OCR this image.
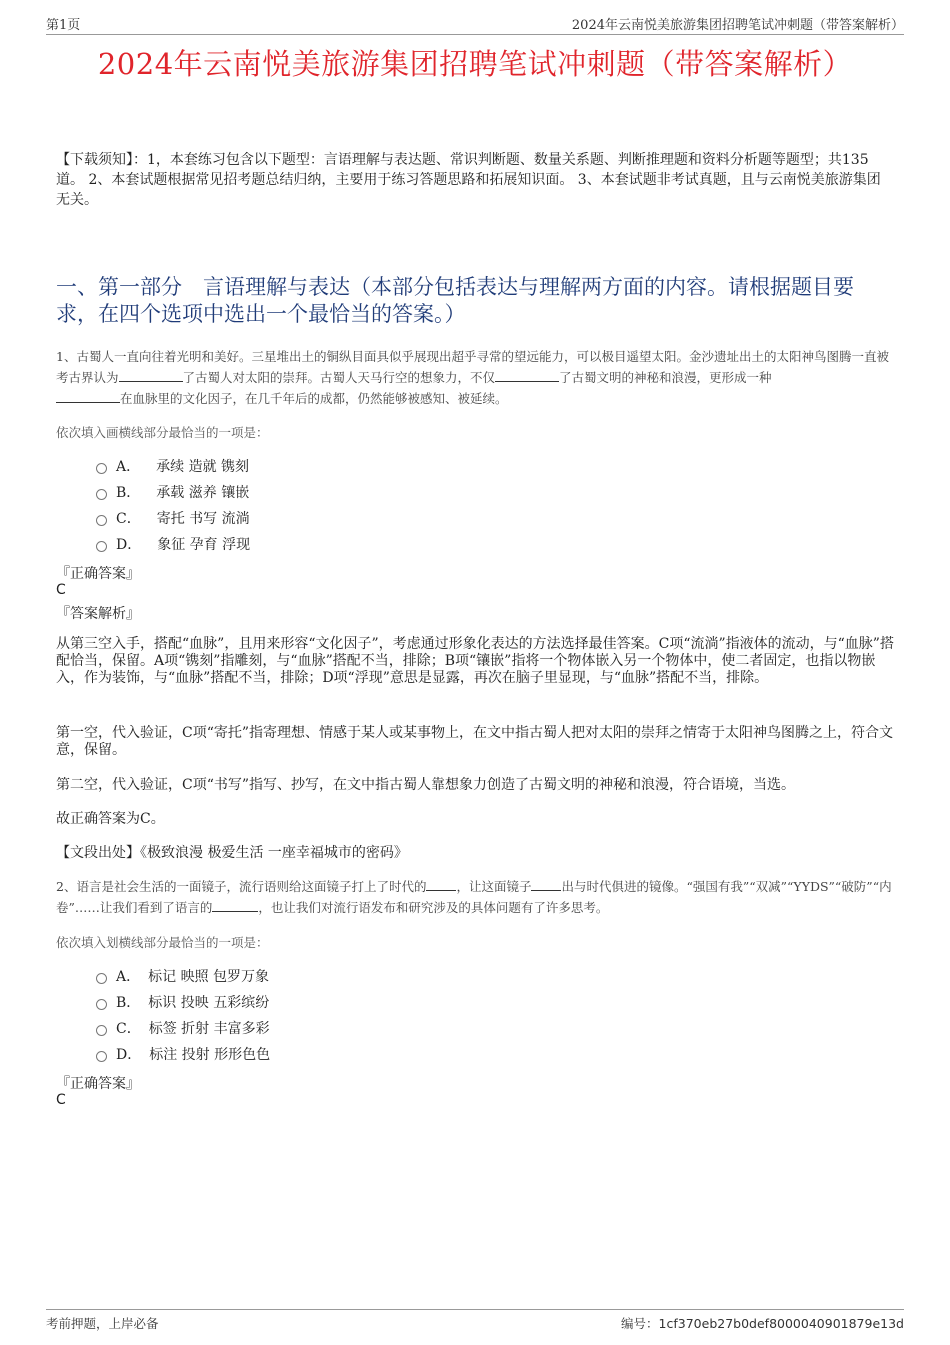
第1页	2024年云南悦美旅游集团招聘笔试冲刺题（带答案解析）
2024年云南悦美旅游集团招聘笔试冲刺题（带答案解析）
【下载须知】：1，本套练习包含以下题型：言语理解与表达题、常识判断题、数量关系题、判断推理题和资料分析题等题型；共135道。 2、本套试题根据常见招考题总结归纳，主要用于练习答题思路和拓展知识面。 3、本套试题非考试真题，且与云南悦美旅游集团无关。
一、第一部分　言语理解与表达（本部分包括表达与理解两方面的内容。请根据题目要求，在四个选项中选出一个最恰当的答案。）
1、古蜀人一直向往着光明和美好。三星堆出土的铜纵目面具似乎展现出超乎寻常的望远能力，可以极目遥望太阳。金沙遗址出土的太阳神鸟图腾一直被考古界认为	了古蜀人对太阳的崇拜。古蜀人天马行空的想象力，不仅	了古蜀文明的神秘和浪漫，更形成一种
在血脉里的文化因子，在几千年后的成都，仍然能够被感知、被延续。
依次填入画横线部分最恰当的一项是：
A． 承续 造就 镌刻
B． 承载 滋养 镶嵌
C． 寄托 书写 流淌
D． 象征 孕育 浮现
『正确答案』
C
『答案解析』
从第三空入手，搭配“血脉”，且用来形容“文化因子”，考虑通过形象化表达的方法选择最佳答案。C项“流淌”指液体的流动，与“血脉”搭配恰当，保留。A项“镌刻”指雕刻，与“血脉”搭配不当，排除；B项“镶嵌”指将一个物体嵌入另一个物体中，使二者固定，也指以物嵌入，作为装饰，与“血脉”搭配不当，排除；D项“浮现”意思是显露，再次在脑子里显现，与“血脉”搭配不当，排除。
第一空，代入验证，C项“寄托”指寄理想、情感于某人或某事物上，在文中指古蜀人把对太阳的崇拜之情寄于太阳神鸟图腾之上，符合文意，保留。
第二空，代入验证，C项“书写”指写、抄写，在文中指古蜀人靠想象力创造了古蜀文明的神秘和浪漫，符合语境，当选。
故正确答案为C。
【文段出处】《极致浪漫 极爱生活 一座幸福城市的密码》
2、语言是社会生活的一面镜子，流行语则给这面镜子打上了时代的 ，让这面镜子 出与时代俱进的镜像。“强国有我”“双减”“YYDS”“破防”“内卷”……让我们看到了语言的	，也让我们对流行语发布和研究涉及的具体问题有了许多思考。
依次填入划横线部分最恰当的一项是：
A． 标记 映照 包罗万象
B． 标识 投映 五彩缤纷
C． 标签 折射 丰富多彩
D． 标注 投射 形形色色
『正确答案』
C
考前押题，上岸必备	编号：1cf370eb27b0def8000040901879e13d
